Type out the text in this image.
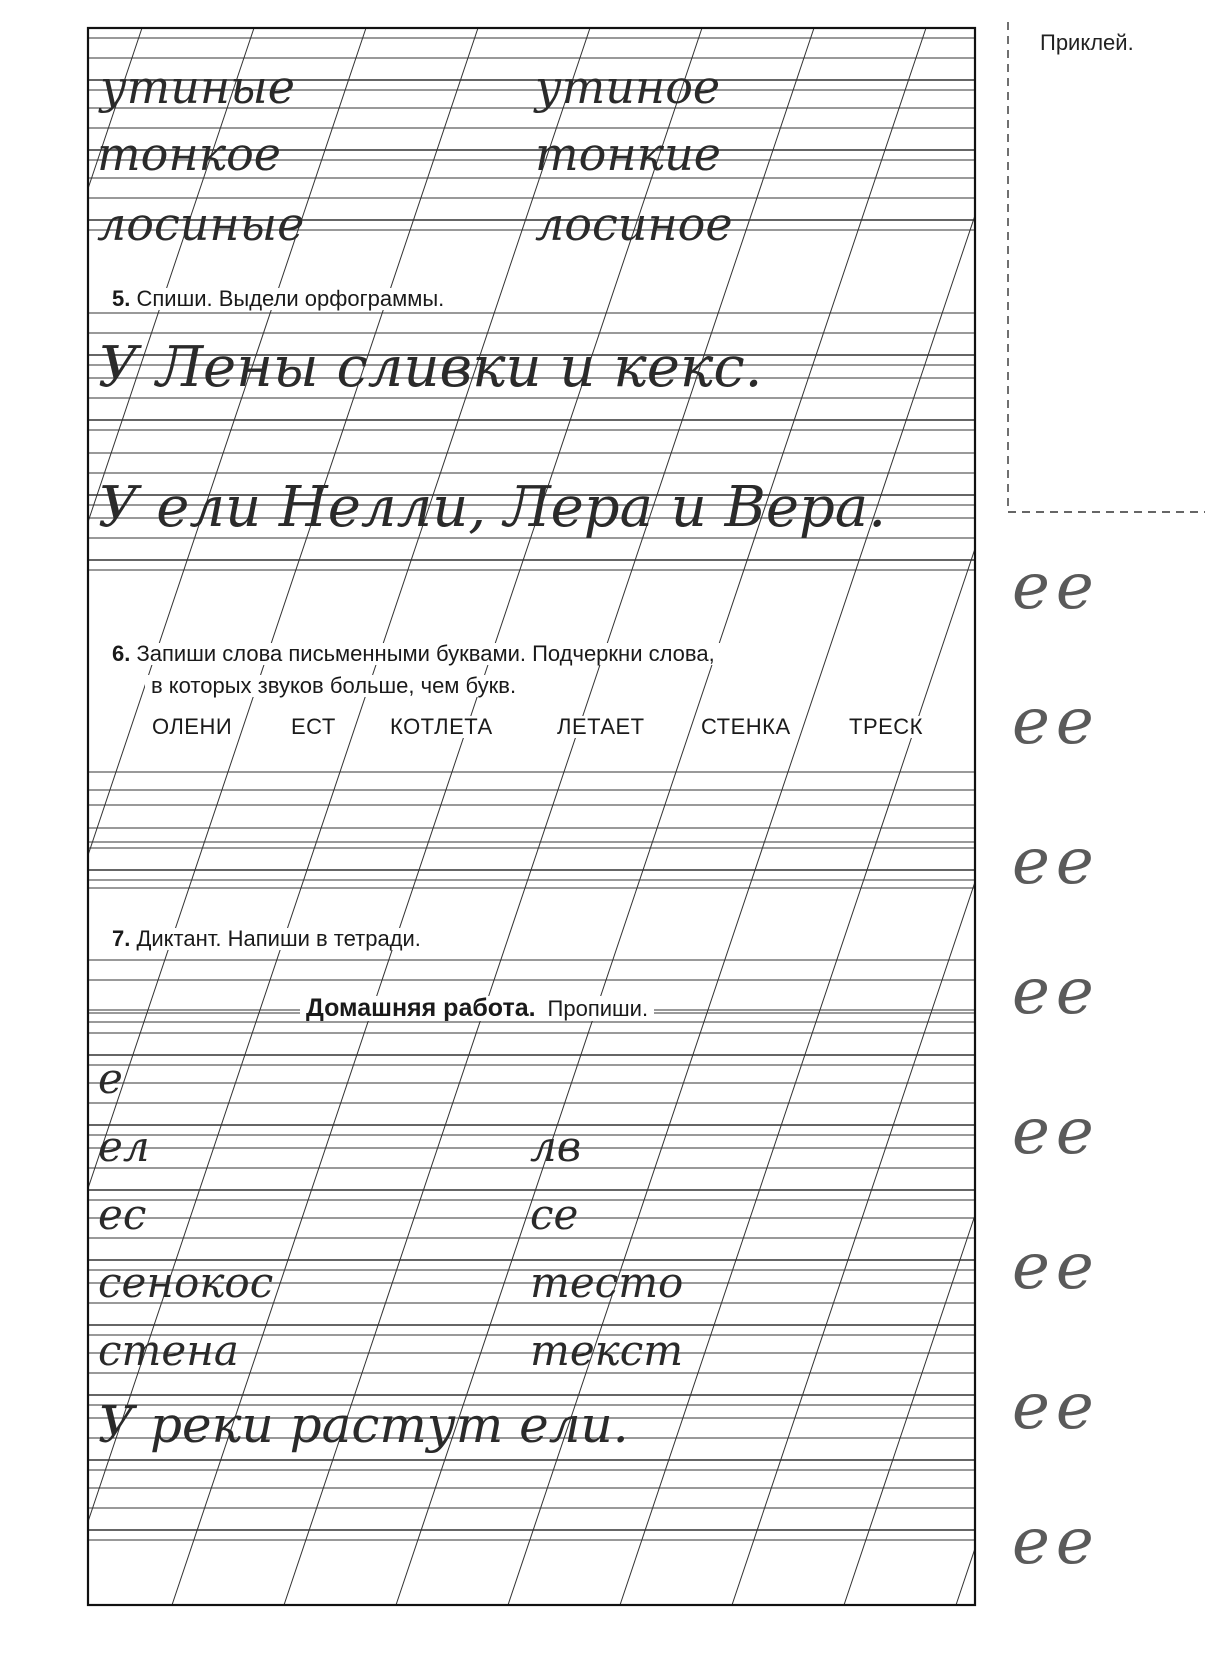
утиные	утиное
тонкое	тонкие
лосиные	лосиное
5. Спиши. Выдели орфограммы.
У Лены сливки и кекс.
У ели Нелли, Лера и Вера.
6. Запиши слова письменными буквами. Подчеркни слова,
в которых звуков больше, чем букв.
ОЛЕНИ	ЕСТ КОТЛЕТА	ЛЕТАЕТ	СТЕНКА	ТРЕСК
7. Диктант. Напиши в тетради.
Домашняя работа. Пропиши.
е
ел	лв
ес	се
сенокос	тесто
стена	текст
У реки растут ели.
Приклей.
ее
ее
ее
ее
ее
ее
ее
ее
